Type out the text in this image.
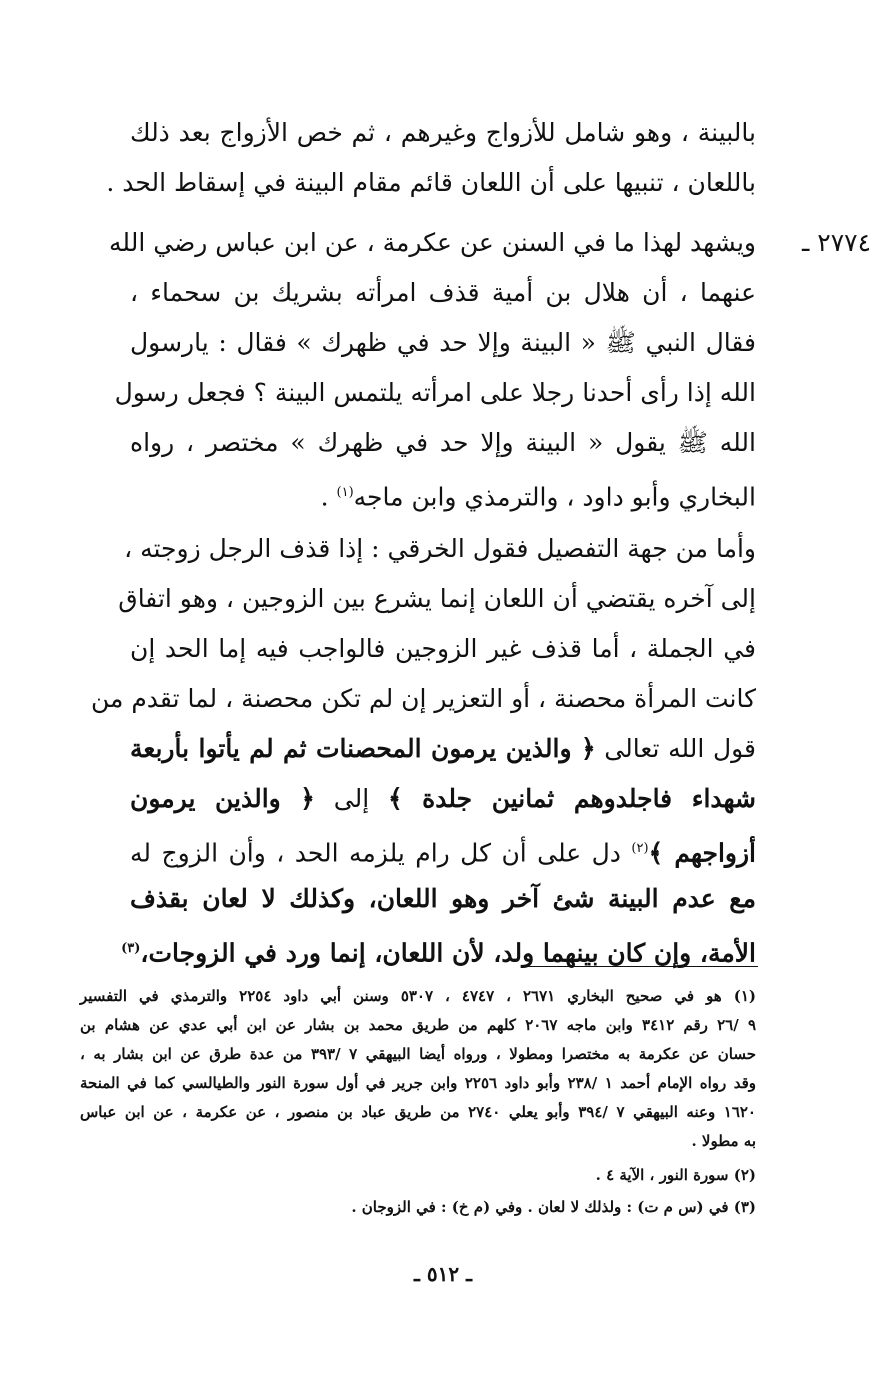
بالبينة ، وهو شامل للأزواج وغيرهم ، ثم خص الأزواج بعد ذلك
باللعان ، تنبيها على أن اللعان قائم مقام البينة في إسقاط الحد .
٢٧٧٤ ـ
ويشهد لهذا ما في السنن عن عكرمة ، عن ابن عباس رضي الله
عنهما ، أن هلال بن أمية قذف امرأته بشريك بن سحماء ،
فقال النبي ﷺ « البينة وإلا حد في ظهرك » فقال : يارسول
الله إذا رأى أحدنا رجلا على امرأته يلتمس البينة ؟ فجعل رسول
الله ﷺ يقول « البينة وإلا حد في ظهرك » مختصر ، رواه
البخاري وأبو داود ، والترمذي وابن ماجه$^{(١)}$ .
وأما من جهة التفصيل فقول الخرقي : إذا قذف الرجل زوجته ،
إلى آخره يقتضي أن اللعان إنما يشرع بين الزوجين ، وهو اتفاق
في الجملة ، أما قذف غير الزوجين فالواجب فيه إما الحد إن
كانت المرأة محصنة ، أو التعزير إن لم تكن محصنة ، لما تقدم من
قول الله تعالى ﴿ والذين يرمون المحصنات ثم لم يأتوا بأربعة
شهداء فاجلدوهم ثمانين جلدة ﴾ إلى ﴿ والذين يرمون
أزواجهم ﴾$^{(٢)}$ دل على أن كل رام يلزمه الحد ، وأن الزوج له
مع عدم البينة شئ آخر وهو اللعان، وكذلك لا لعان بقذف
الأمة، وإن كان بينهما ولد، لأن اللعان، إنما ورد في الزوجات،$^{(٣)}$
(١) هو في صحيح البخاري ٢٦٧١ ، ٤٧٤٧ ، ٥٣٠٧ وسنن أبي داود ٢٢٥٤ والترمذي في التفسير
٩ /٢٦ رقم ٣٤١٢ وابن ماجه ٢٠٦٧ كلهم من طريق محمد بن بشار عن ابن أبي عدي عن هشام بن
حسان عن عكرمة به مختصرا ومطولا ، ورواه أيضا البيهقي ٧ /٣٩٣ من عدة طرق عن ابن بشار به ،
وقد رواه الإمام أحمد ١ /٢٣٨ وأبو داود ٢٢٥٦ وابن جرير في أول سورة النور والطيالسي كما في المنحة
١٦٢٠ وعنه البيهقي ٧ /٣٩٤ وأبو يعلي ٢٧٤٠ من طريق عباد بن منصور ، عن عكرمة ، عن ابن عباس
به مطولا .
(٢) سورة النور ، الآية ٤ .
(٣) في (س م ت) : ولذلك لا لعان . وفي (م خ) : في الزوجان .
ـ ٥١٢ ـ
